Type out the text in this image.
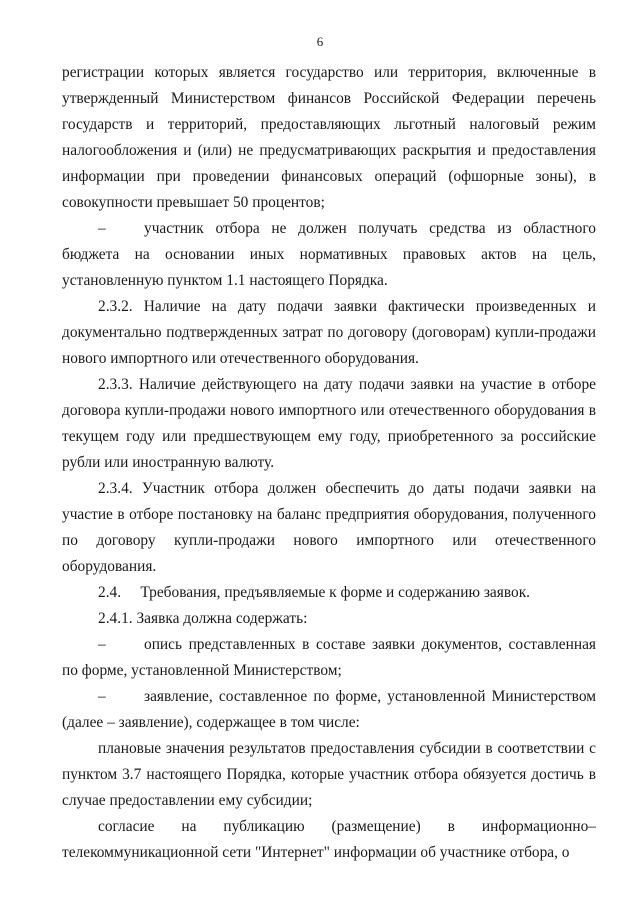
6

регистрации которых является государство или территория, включенные в утвержденный Министерством финансов Российской Федерации перечень государств и территорий, предоставляющих льготный налоговый режим налогообложения и (или) не предусматривающих раскрытия и предоставления информации при проведении финансовых операций (офшорные зоны), в совокупности превышает 50 процентов;

– участник отбора не должен получать средства из областного бюджета на основании иных нормативных правовых актов на цель, установленную пунктом 1.1 настоящего Порядка.

2.3.2. Наличие на дату подачи заявки фактически произведенных и документально подтвержденных затрат по договору (договорам) купли-продажи нового импортного или отечественного оборудования.

2.3.3. Наличие действующего на дату подачи заявки на участие в отборе договора купли-продажи нового импортного или отечественного оборудования в текущем году или предшествующем ему году, приобретенного за российские рубли или иностранную валюту.

2.3.4. Участник отбора должен обеспечить до даты подачи заявки на участие в отборе постановку на баланс предприятия оборудования, полученного по договору купли-продажи нового импортного или отечественного оборудования.

2.4.     Требования, предъявляемые к форме и содержанию заявок.

2.4.1. Заявка должна содержать:

– опись представленных в составе заявки документов, составленная по форме, установленной Министерством;

– заявление, составленное по форме, установленной Министерством (далее – заявление), содержащее в том числе:

плановые значения результатов предоставления субсидии в соответствии с пунктом 3.7 настоящего Порядка, которые участник отбора обязуется достичь в случае предоставлении ему субсидии;

согласие на публикацию (размещение) в информационно–телекоммуникационной сети "Интернет" информации об участнике отбора, о
